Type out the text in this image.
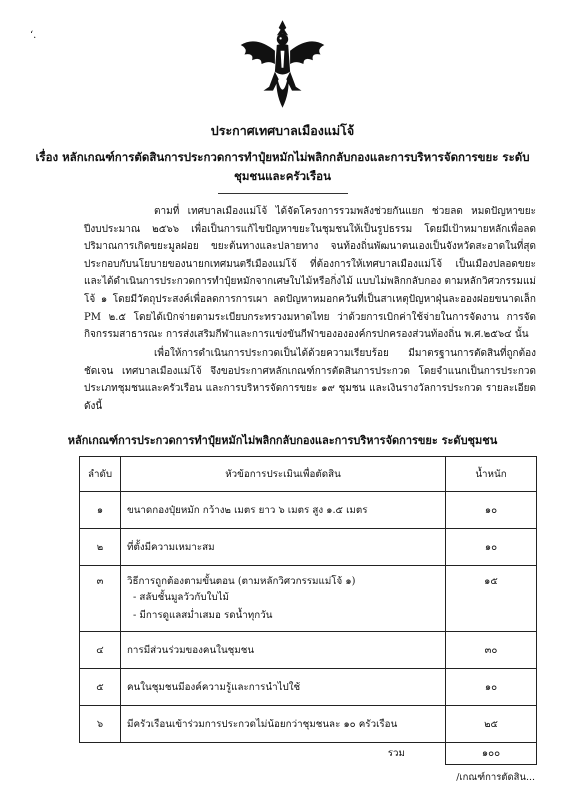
‘.
ประกาศเทศบาลเมืองแม่โจ้
เรื่อง หลักเกณฑ์การตัดสินการประกวดการทำปุ๋ยหมักไม่พลิกกลับกองและการบริหารจัดการขยะ ระดับชุมชนและครัวเรือน
ตามที่ เทศบาลเมืองแม่โจ้ ได้จัดโครงการรวมพลังช่วยกันแยก ช่วยลด หมดปัญหาขยะ ปีงบประมาณ ๒๕๖๖ เพื่อเป็นการแก้ไขปัญหาขยะในชุมชนให้เป็นรูปธรรม โดยมีเป้าหมายหลักเพื่อลดปริมาณการเกิดขยะมูลฝอย ขยะต้นทางและปลายทาง จนท้องถิ่นพัฒนาตนเองเป็นจังหวัดสะอาดในที่สุด ประกอบกับนโยบายของนายกเทศมนตรีเมืองแม่โจ้ ที่ต้องการให้เทศบาลเมืองแม่โจ้ เป็นเมืองปลอดขยะ และได้ดำเนินการประกวดการทำปุ๋ยหมักจากเศษใบไม้หรือกิ่งไม้ แบบไม่พลิกกลับกอง ตามหลักวิศวกรรมแม่โจ้ ๑ โดยมีวัตถุประสงค์เพื่อลดการการเผา ลดปัญหาหมอกควันที่เป็นสาเหตุปัญหาฝุ่นละอองฝอยขนาดเล็ก PM ๒.๕ โดยได้เบิกจ่ายตามระเบียบกระทรวงมหาดไทย ว่าด้วยการเบิกค่าใช้จ่ายในการจัดงาน การจัดกิจกรรมสาธารณะ การส่งเสริมกีฬาและการแข่งขันกีฬาของององค์กรปกครองส่วนท้องถิ่น พ.ศ.๒๕๖๔ นั้น
เพื่อให้การดำเนินการประกวดเป็นได้ด้วยความเรียบร้อย มีมาตรฐานการตัดสินที่ถูกต้อง ชัดเจน เทศบาลเมืองแม่โจ้ จึงขอประกาศหลักเกณฑ์การตัดสินการประกวด โดยจำแนกเป็นการประกวดประเภทชุมชนและครัวเรือน และการบริหารจัดการขยะ ๑๙ ชุมชน และเงินรางวัลการประกวด รายละเอียดดังนี้
หลักเกณฑ์การประกวดการทำปุ๋ยหมักไม่พลิกกลับกองและการบริหารจัดการขยะ ระดับชุมชน
ลำดับ	หัวข้อการประเมินเพื่อตัดสิน	น้ำหนัก
๑	ขนาดกองปุ๋ยหมัก กว้าง๒ เมตร ยาว ๖ เมตร สูง ๑.๕ เมตร	๑๐
๒	ที่ตั้งมีความเหมาะสม	๑๐
๓	วิธีการถูกต้องตามขั้นตอน (ตามหลักวิศวกรรมแม่โจ้ ๑)
- สลับชั้นมูลวัวกับใบไม้
- มีการดูแลสม่ำเสมอ รดน้ำทุกวัน	๑๕
๔	การมีส่วนร่วมของคนในชุมชน	๓๐
๕	คนในชุมชนมีองค์ความรู้และการนำไปใช้	๑๐
๖	มีครัวเรือนเข้าร่วมการประกวดไม่น้อยกว่าชุมชนละ ๑๐ ครัวเรือน	๒๕
	รวม	๑๐๐
/เกณฑ์การตัดสิน...
